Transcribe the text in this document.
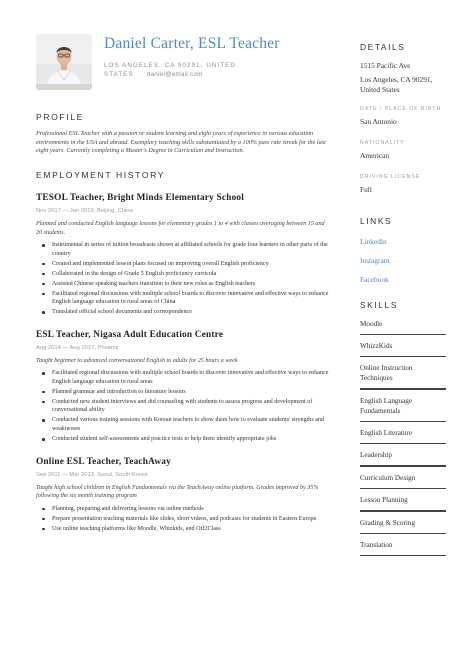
Daniel Carter, ESL Teacher
LOS ANGELES, CA 90291, UNITED STATES · daniel@email.com
PROFILE
Professional ESL Teacher with a passion or student learning and eight years of experience in various education environments in the USA and abroad. Exemplary teaching skills substantiated by a 100% pass rate streak for the last eight years. Currently completing a Master's Degree in Curriculum and Instruction.
EMPLOYMENT HISTORY
TESOL Teacher, Bright Minds Elementary School
Nov 2017 — Jan 2019, Beijing, China
Planned and conducted English language lessons for elementary grades 1 to 4 with classes averaging between 15 and 20 students.
Instrumental in series of tuition broadcasts shown at affiliated schools for grade four learners in other parts of the country
Created and implemented lesson plans focused on improving overall English proficiency
Collaborated in the design of Grade 5 English proficiency curricula
Assisted Chinese speaking teachers transition to their new roles as English teachers
Facilitated regional discussions with multiple school boards to discover innovative and effective ways to enhance English language education in rural areas of China
Translated official school documents and correspondence
ESL Teacher, Nigasa Adult Education Centre
Aug 2014 — Aug 2017, Phoenix
Taught beginner to advanced conversational English to adults for 25 hours a week
Facilitated regional discussions with multiple school boards to discover innovative and effective ways to enhance English language education in rural areas
Planned grammar and introduction to literature lessons
Conducted new student interviews and did counseling with students to assess progress and development of conversational ability
Conducted various training sessions with Korean teachers to show them how to evaluate students' strengths and weaknesses
Conducted student self-assessments and practice tests to help them identify appropriate jobs
Online ESL Teacher, TeachAway
Sep 2011 — Mar 2013, Seoul, South Korea
Taught high school children in English Fundamentals via the TeachAway online platform. Grades improved by 35% following the six month training program
Planning, preparing and delivering lessons via online methods
Prepare presentation teaching materials like slides, short videos, and podcasts for students in Eastern Europe
Use online teaching platforms like Moodle, Whizkids, and Off2Class
DETAILS
1515 Pacific Ave
Los Angeles, CA 90291,
United States
DATE / PLACE OF BIRTH
San Antonio
NATIONALITY
American
DRIVING LICENSE
Full
LINKS
Linkedin
Instagram
Facebook
SKILLS
Moodle
WhizzKids
Online Instruction Techniques
English Language Fundamentals
English Literature
Leadership
Curriculum Design
Lesson Planning
Grading & Scoring
Translation
